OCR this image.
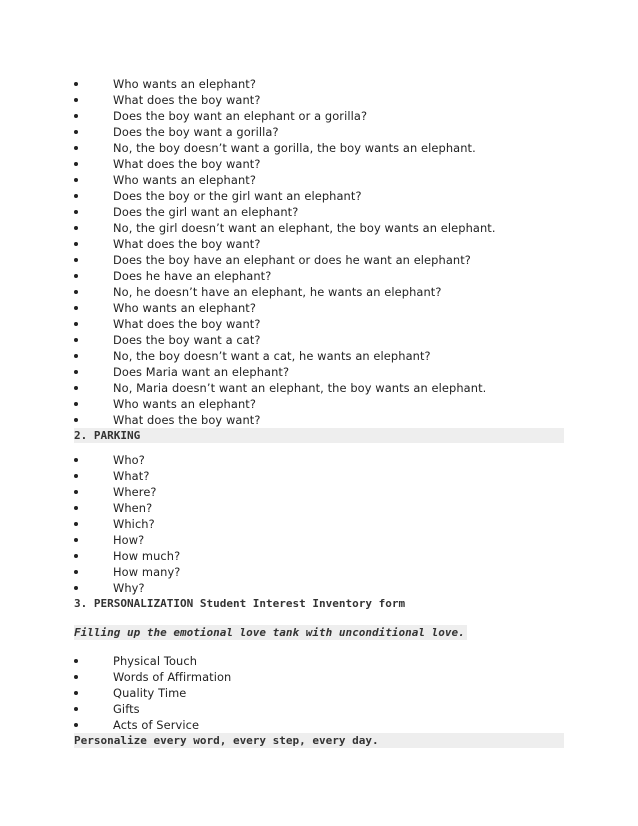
Who wants an elephant?
What does the boy want?
Does the boy want an elephant or a gorilla?
Does the boy want a gorilla?
No, the boy doesn’t want a gorilla, the boy wants an elephant.
What does the boy want?
Who wants an elephant?
Does the boy or the girl want an elephant?
Does the girl want an elephant?
No, the girl doesn’t want an elephant, the boy wants an elephant.
What does the boy want?
Does the boy have an elephant or does he want an elephant?
Does he have an elephant?
No, he doesn’t have an elephant, he wants an elephant?
Who wants an elephant?
What does the boy want?
Does the boy want a cat?
No, the boy doesn’t want a cat, he wants an elephant?
Does Maria want an elephant?
No, Maria doesn’t want an elephant, the boy wants an elephant.
Who wants an elephant?
What does the boy want?
2. PARKING
Who?
What?
Where?
When?
Which?
How?
How much?
How many?
Why?
3. PERSONALIZATION Student Interest Inventory form
Filling up the emotional love tank with unconditional love.
Physical Touch
Words of Affirmation
Quality Time
Gifts
Acts of Service
Personalize every word, every step, every day.
